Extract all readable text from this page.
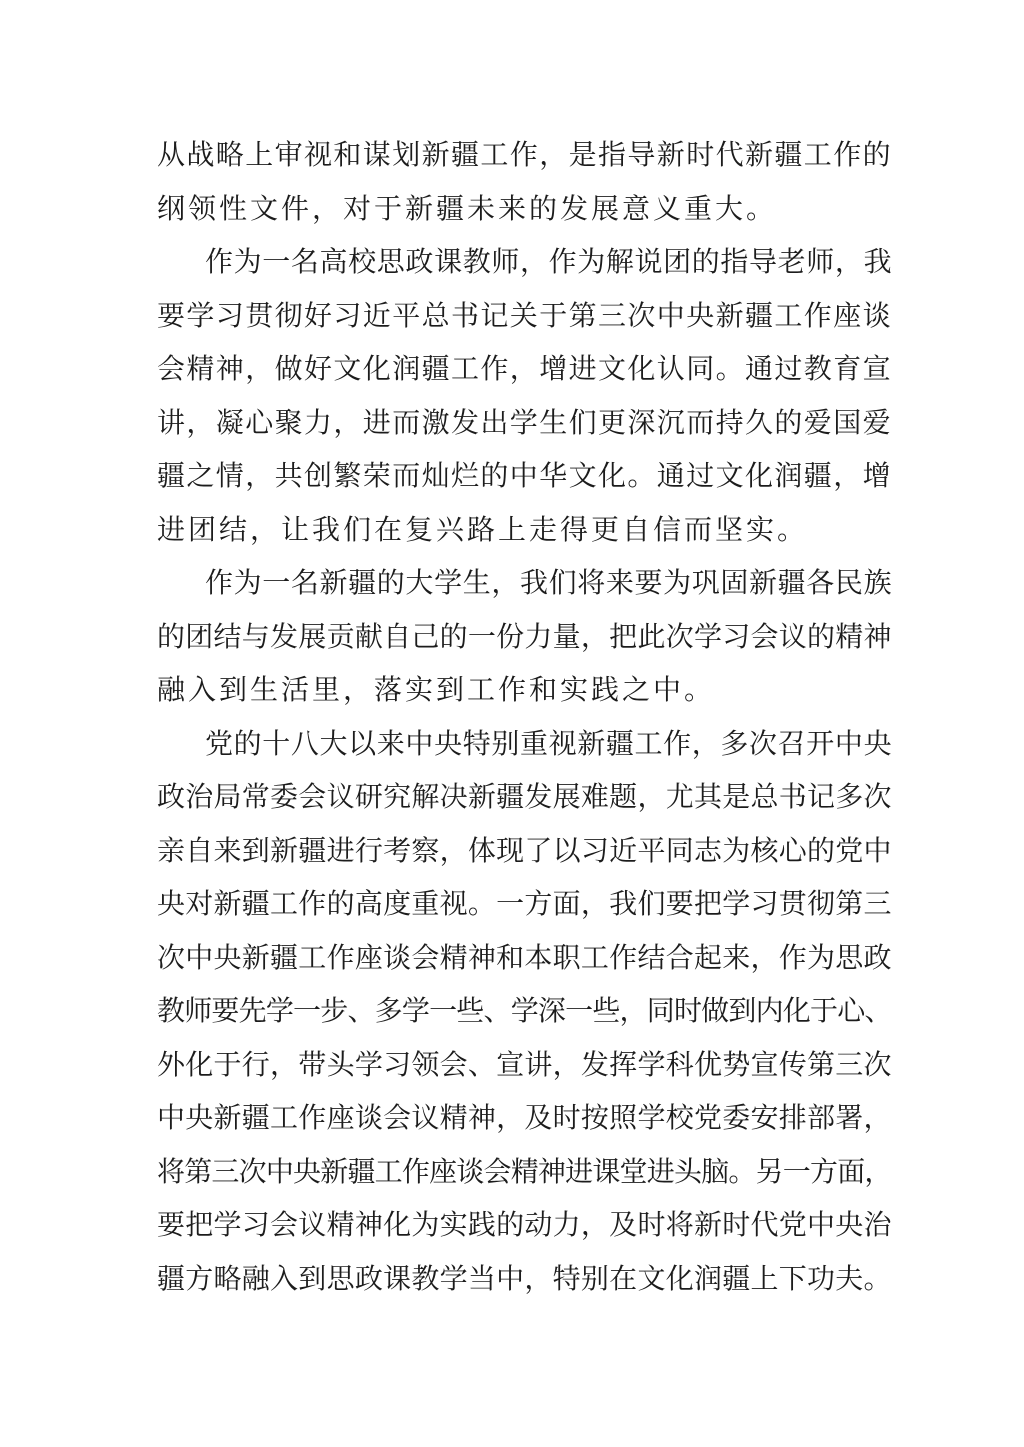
从战略上审视和谋划新疆工作，是指导新时代新疆工作的
纲领性文件，对于新疆未来的发展意义重大。
作为一名高校思政课教师，作为解说团的指导老师，我
要学习贯彻好习近平总书记关于第三次中央新疆工作座谈
会精神，做好文化润疆工作，增进文化认同。通过教育宣
讲，凝心聚力，进而激发出学生们更深沉而持久的爱国爱
疆之情，共创繁荣而灿烂的中华文化。通过文化润疆，增
进团结，让我们在复兴路上走得更自信而坚实。
作为一名新疆的大学生，我们将来要为巩固新疆各民族
的团结与发展贡献自己的一份力量，把此次学习会议的精神
融入到生活里，落实到工作和实践之中。
党的十八大以来中央特别重视新疆工作，多次召开中央
政治局常委会议研究解决新疆发展难题，尤其是总书记多次
亲自来到新疆进行考察，体现了以习近平同志为核心的党中
央对新疆工作的高度重视。一方面，我们要把学习贯彻第三
次中央新疆工作座谈会精神和本职工作结合起来，作为思政
教师要先学一步、多学一些、学深一些，同时做到内化于心、
外化于行，带头学习领会、宣讲，发挥学科优势宣传第三次
中央新疆工作座谈会议精神，及时按照学校党委安排部署，
将第三次中央新疆工作座谈会精神进课堂进头脑。另一方面，
要把学习会议精神化为实践的动力，及时将新时代党中央治
疆方略融入到思政课教学当中，特别在文化润疆上下功夫。
